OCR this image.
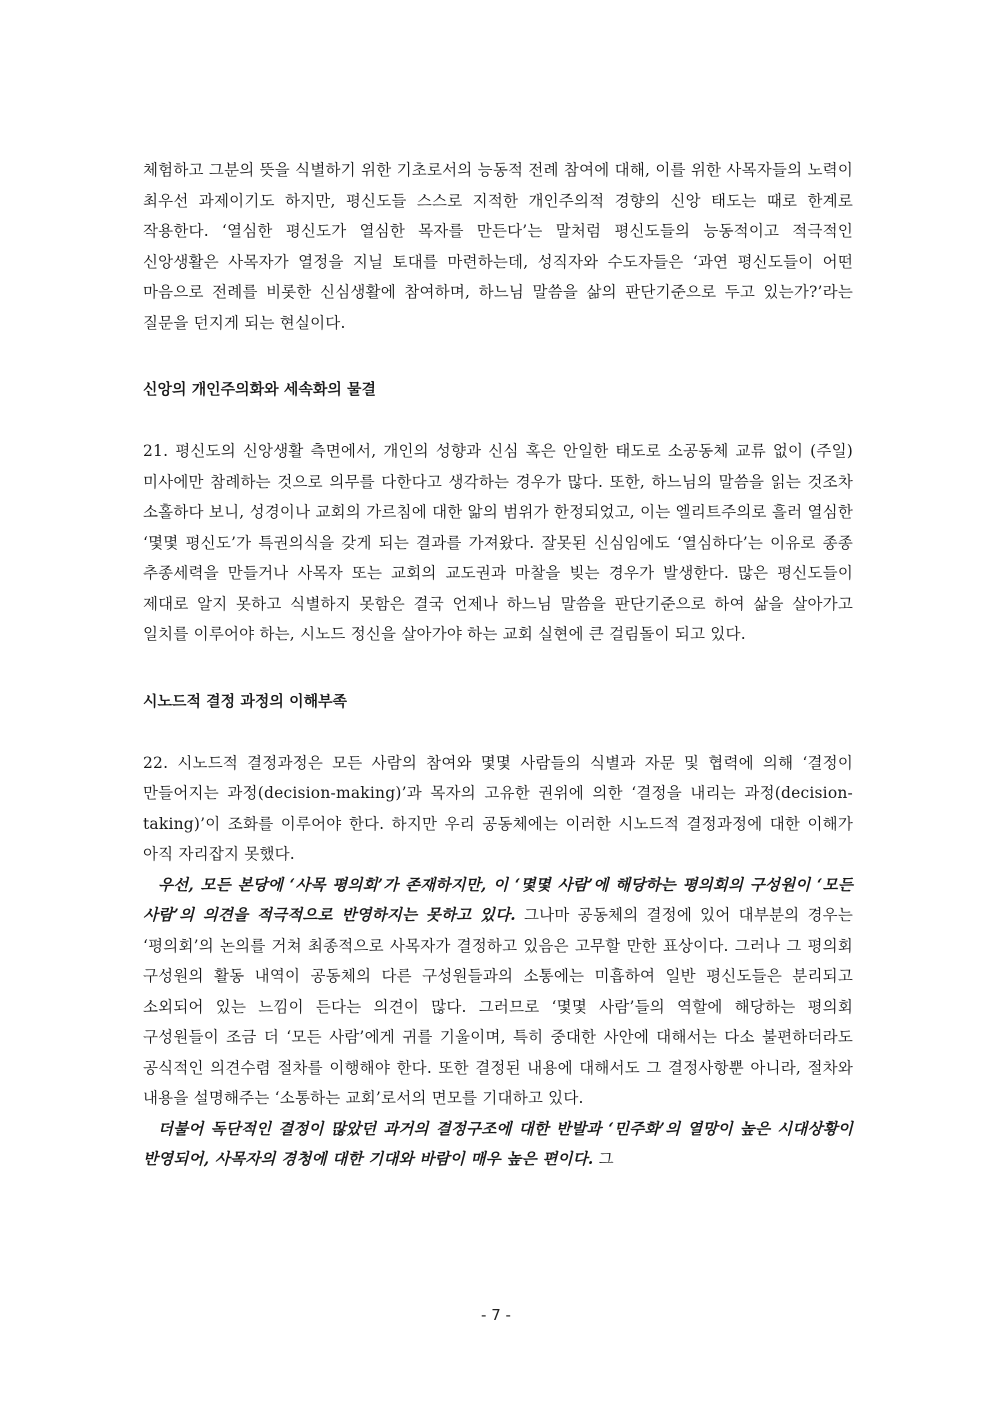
체험하고 그분의 뜻을 식별하기 위한 기초로서의 능동적 전례 참여에 대해, 이를 위한 사목자들의 노력이 최우선 과제이기도 하지만, 평신도들 스스로 지적한 개인주의적 경향의 신앙 태도는 때로 한계로 작용한다. ‘열심한 평신도가 열심한 목자를 만든다’는 말처럼 평신도들의 능동적이고 적극적인 신앙생활은 사목자가 열정을 지닐 토대를 마련하는데, 성직자와 수도자들은 ‘과연 평신도들이 어떤 마음으로 전례를 비롯한 신심생활에 참여하며, 하느님 말씀을 삶의 판단기준으로 두고 있는가?’라는 질문을 던지게 되는 현실이다.

신앙의 개인주의화와 세속화의 물결

21. 평신도의 신앙생활 측면에서, 개인의 성향과 신심 혹은 안일한 태도로 소공동체 교류 없이 (주일)미사에만 참례하는 것으로 의무를 다한다고 생각하는 경우가 많다. 또한, 하느님의 말씀을 읽는 것조차 소홀하다 보니, 성경이나 교회의 가르침에 대한 앎의 범위가 한정되었고, 이는 엘리트주의로 흘러 열심한 ‘몇몇 평신도’가 특권의식을 갖게 되는 결과를 가져왔다. 잘못된 신심임에도 ‘열심하다’는 이유로 종종 추종세력을 만들거나 사목자 또는 교회의 교도권과 마찰을 빚는 경우가 발생한다. 많은 평신도들이 제대로 알지 못하고 식별하지 못함은 결국 언제나 하느님 말씀을 판단기준으로 하여 삶을 살아가고 일치를 이루어야 하는, 시노드 정신을 살아가야 하는 교회 실현에 큰 걸림돌이 되고 있다.

시노드적 결정 과정의 이해부족

22. 시노드적 결정과정은 모든 사람의 참여와 몇몇 사람들의 식별과 자문 및 협력에 의해 ‘결정이 만들어지는 과정(decision-making)’과 목자의 고유한 권위에 의한 ‘결정을 내리는 과정(decision-taking)’이 조화를 이루어야 한다. 하지만 우리 공동체에는 이러한 시노드적 결정과정에 대한 이해가 아직 자리잡지 못했다.

우선, 모든 본당에 ‘사목 평의회’가 존재하지만, 이 ‘몇몇 사람’에 해당하는 평의회의 구성원이 ‘모든 사람’의 의견을 적극적으로 반영하지는 못하고 있다. 그나마 공동체의 결정에 있어 대부분의 경우는 ‘평의회’의 논의를 거쳐 최종적으로 사목자가 결정하고 있음은 고무할 만한 표상이다. 그러나 그 평의회 구성원의 활동 내역이 공동체의 다른 구성원들과의 소통에는 미흡하여 일반 평신도들은 분리되고 소외되어 있는 느낌이 든다는 의견이 많다. 그러므로 ‘몇몇 사람’들의 역할에 해당하는 평의회 구성원들이 조금 더 ‘모든 사람’에게 귀를 기울이며, 특히 중대한 사안에 대해서는 다소 불편하더라도 공식적인 의견수렴 절차를 이행해야 한다. 또한 결정된 내용에 대해서도 그 결정사항뿐 아니라, 절차와 내용을 설명해주는 ‘소통하는 교회’로서의 면모를 기대하고 있다.

더불어 독단적인 결정이 많았던 과거의 결정구조에 대한 반발과 ‘민주화’의 열망이 높은 시대상황이 반영되어, 사목자의 경청에 대한 기대와 바람이 매우 높은 편이다. 그

- 7 -
